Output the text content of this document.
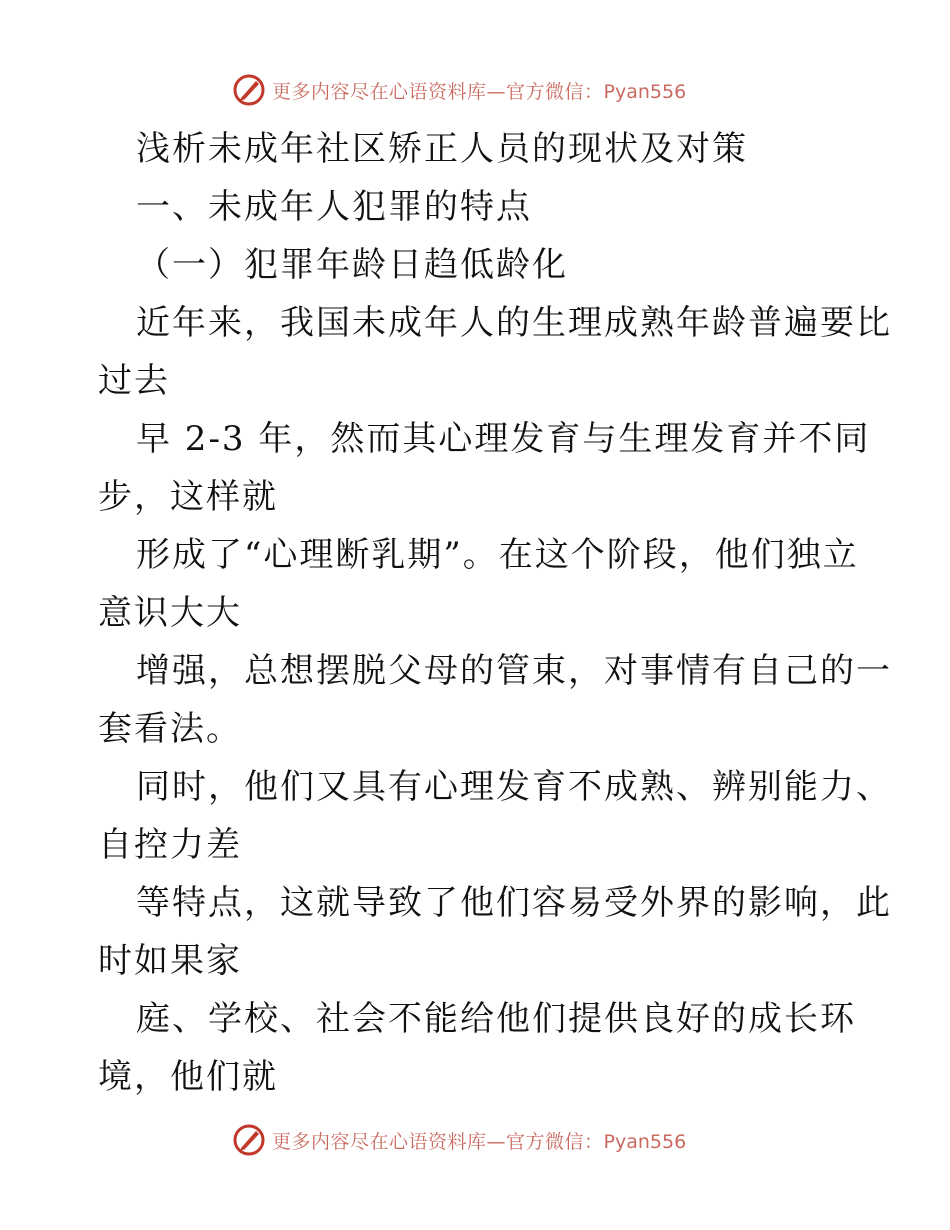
更多内容尽在心语资料库—官方微信：Pyan556
浅析未成年社区矫正人员的现状及对策
一、未成年人犯罪的特点
（一）犯罪年龄日趋低龄化
近年来，我国未成年人的生理成熟年龄普遍要比
过去
早 2-3 年，然而其心理发育与生理发育并不同
步，这样就
形成了“心理断乳期”。在这个阶段，他们独立
意识大大
增强，总想摆脱父母的管束，对事情有自己的一
套看法。
同时，他们又具有心理发育不成熟、辨别能力、
自控力差
等特点，这就导致了他们容易受外界的影响，此
时如果家
庭、学校、社会不能给他们提供良好的成长环
境，他们就
更多内容尽在心语资料库—官方微信：Pyan556
